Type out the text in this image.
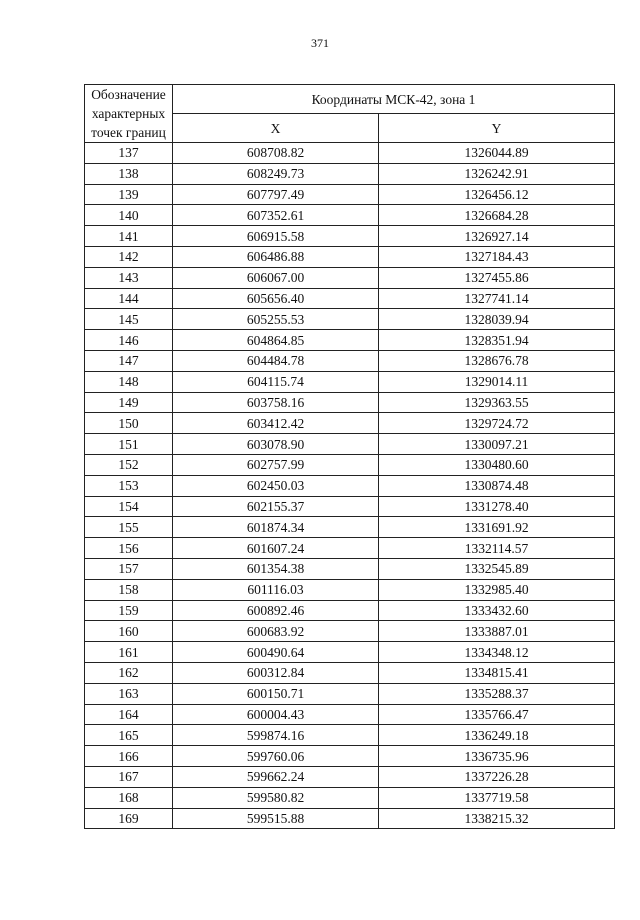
371
Обозначение
характерных
точек границ	Координаты МСК-42, зона 1	
	X	Y
137	608708.82	1326044.89
138	608249.73	1326242.91
139	607797.49	1326456.12
140	607352.61	1326684.28
141	606915.58	1326927.14
142	606486.88	1327184.43
143	606067.00	1327455.86
144	605656.40	1327741.14
145	605255.53	1328039.94
146	604864.85	1328351.94
147	604484.78	1328676.78
148	604115.74	1329014.11
149	603758.16	1329363.55
150	603412.42	1329724.72
151	603078.90	1330097.21
152	602757.99	1330480.60
153	602450.03	1330874.48
154	602155.37	1331278.40
155	601874.34	1331691.92
156	601607.24	1332114.57
157	601354.38	1332545.89
158	601116.03	1332985.40
159	600892.46	1333432.60
160	600683.92	1333887.01
161	600490.64	1334348.12
162	600312.84	1334815.41
163	600150.71	1335288.37
164	600004.43	1335766.47
165	599874.16	1336249.18
166	599760.06	1336735.96
167	599662.24	1337226.28
168	599580.82	1337719.58
169	599515.88	1338215.32
